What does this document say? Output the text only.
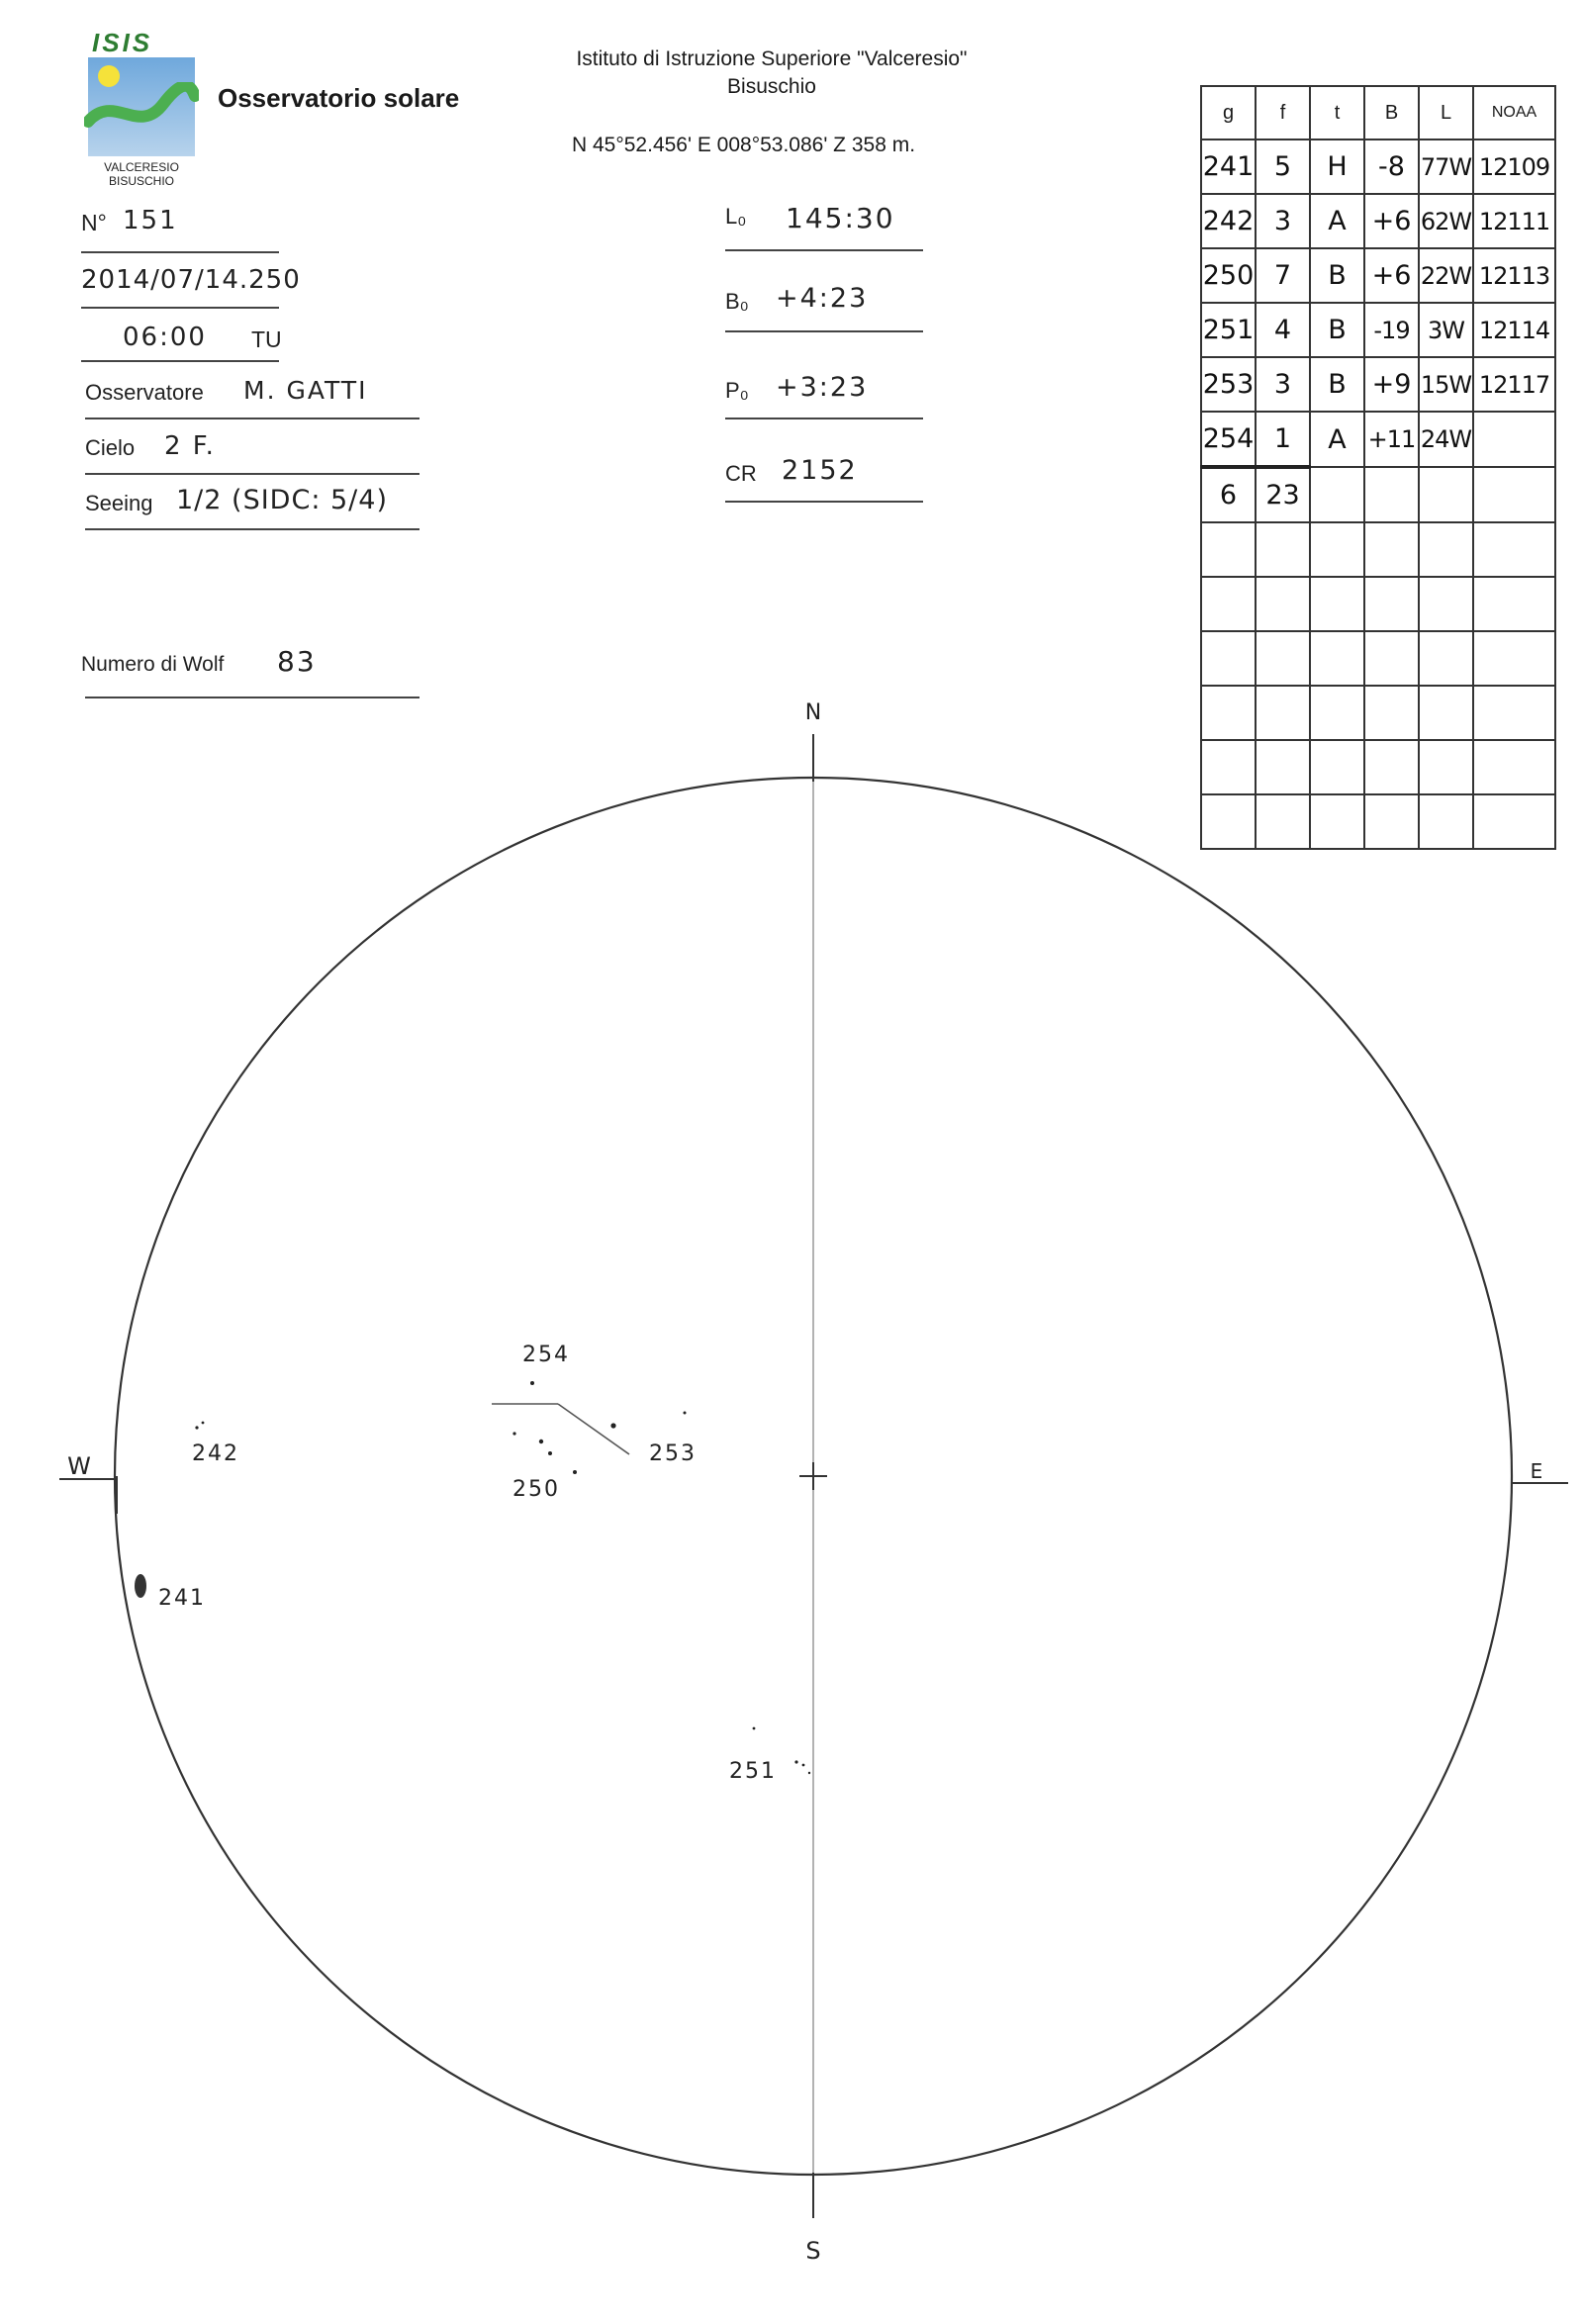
ISIS
VALCERESIO
BISUSCHIO
Osservatorio solare
Istituto di Istruzione Superiore "Valceresio"
Bisuschio
N 45°52.456' E 008°53.086' Z 358 m.
N° 151
2014/07/14.250
06:00 TU
Osservatore M. GATTI
Cielo 2 F.
Seeing 1/2 (SIDC: 5/4)
Numero di Wolf 83
L₀ 145:30
B₀ +4:23
P₀ +3:23
CR 2152
g	f	t	B	L	NOAA
241	5	H	-8	77W	12109
242	3	A	+6	62W	12111
250	7	B	+6	22W	12113
251	4	B	-19	3W	12114
253	3	B	+9	15W	12117
254	1	A	+11	24W	
6	23				

N
S
W	E
254
253
250
242
241
251
